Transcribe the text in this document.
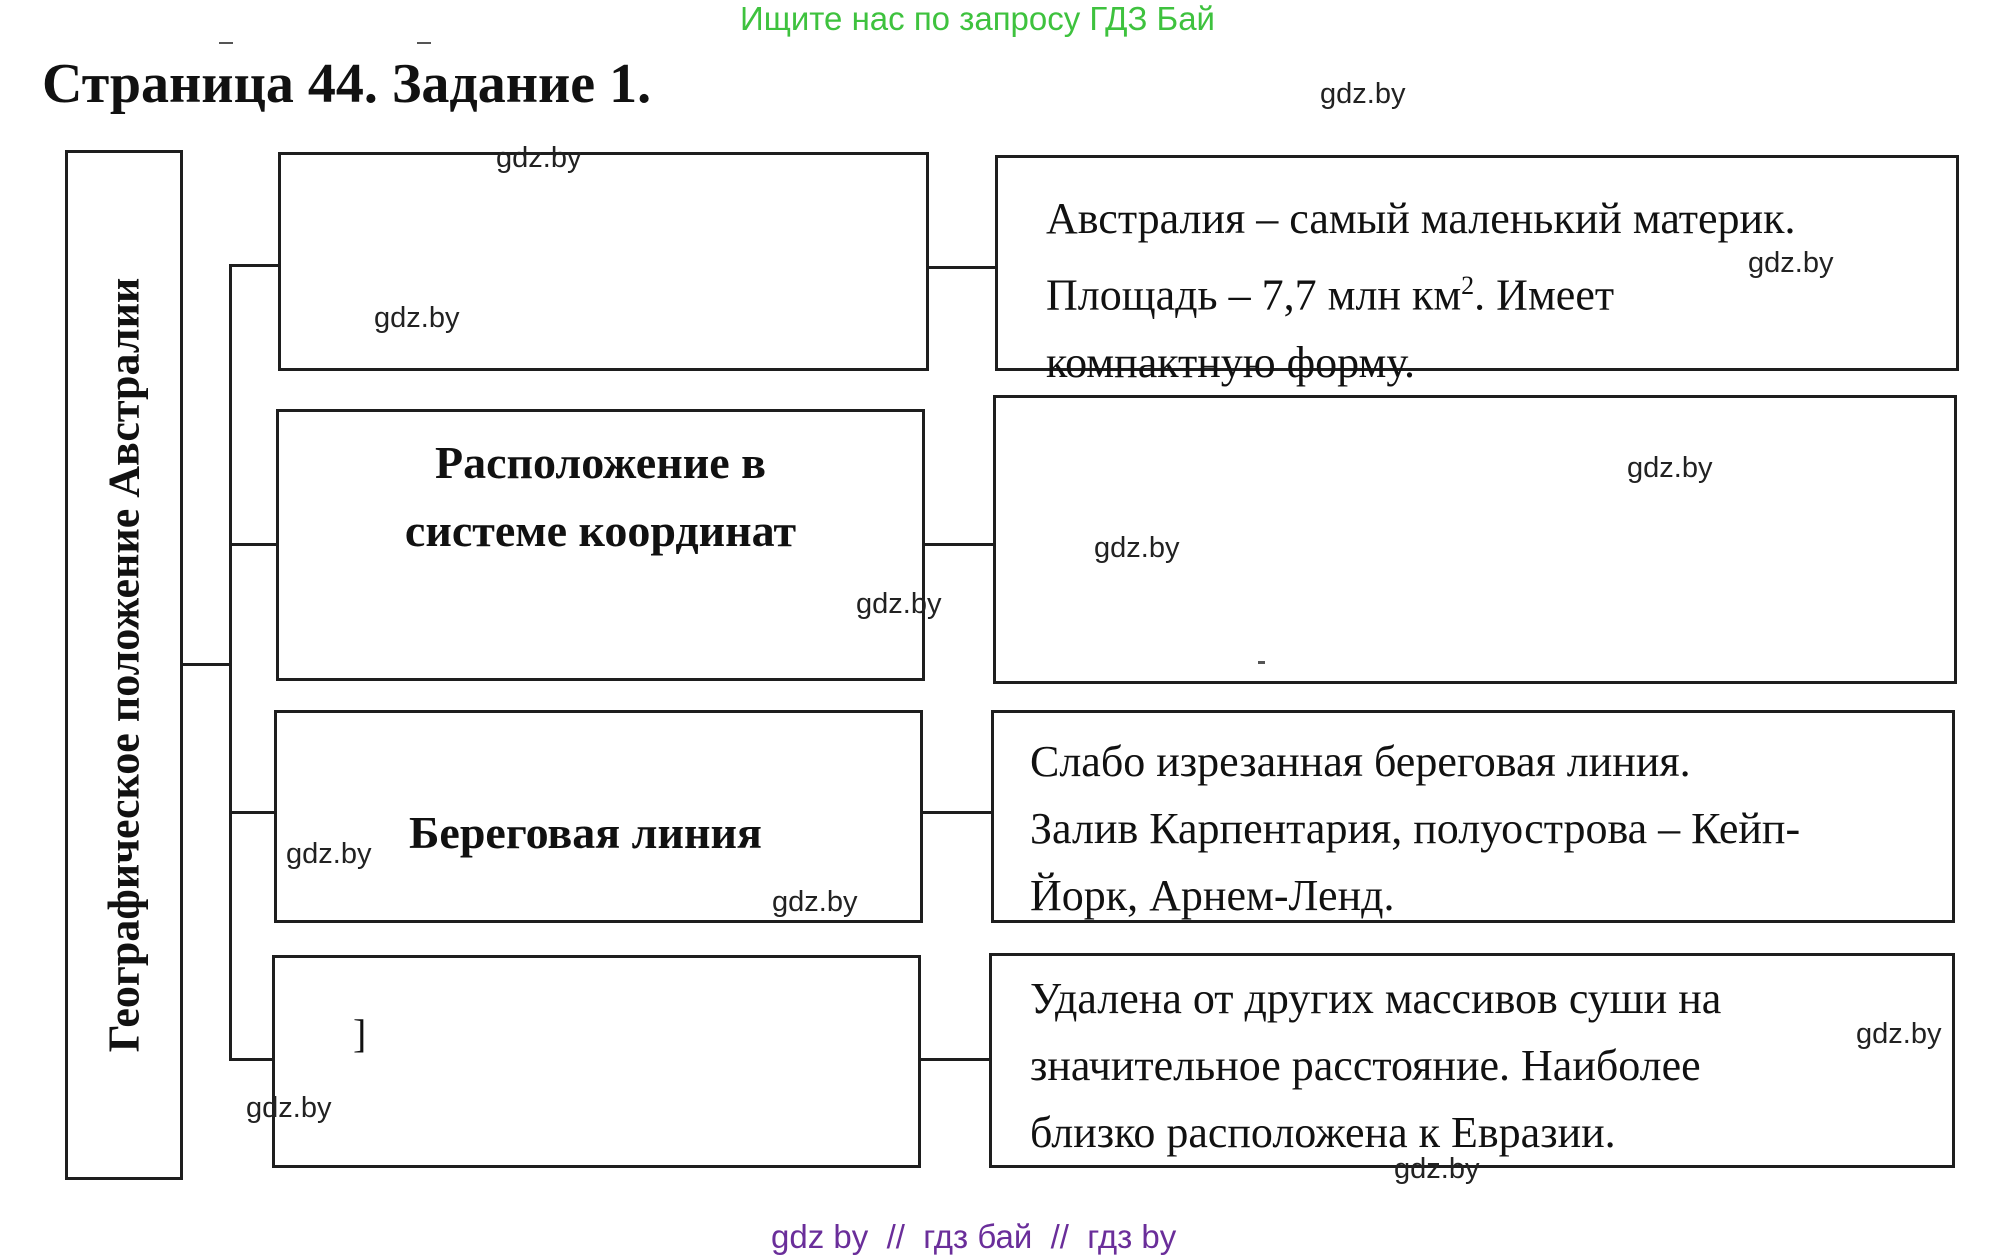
Ищите нас по запросу ГДЗ Бай
Страница 44. Задание 1.
Географическое положение Австралии	Расположение в
системе координат
Береговая линия
]
Австралия – самый маленький материк.
Площадь – 7,7 млн $км^2$. Имеет
компактную форму.
Слабо изрезанная береговая линия.
Залив Карпентария, полуострова – Кейп-
Йорк, Арнем-Ленд.
Удалена от других массивов суши на
значительное расстояние. Наиболее
близко расположена к Евразии.
gdz.by
gdz.by
gdz.by
gdz.by
gdz.by
gdz.by
gdz.by
gdz.by
gdz.by
gdz.by
gdz.by
gdz.by
gdz by  //  гдз бай  //  гдз by
